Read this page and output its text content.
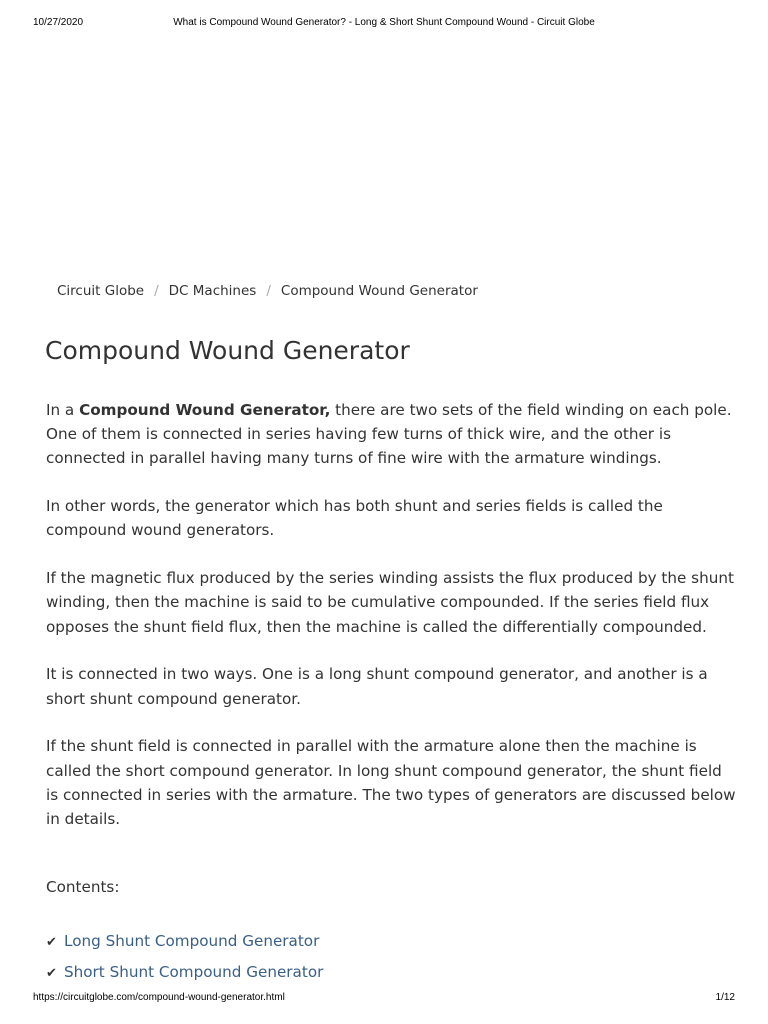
10/27/2020	What is Compound Wound Generator? - Long & Short Shunt Compound Wound - Circuit Globe
Circuit Globe / DC Machines / Compound Wound Generator
Compound Wound Generator

In a Compound Wound Generator, there are two sets of the field winding on each pole. One of them is connected in series having few turns of thick wire, and the other is connected in parallel having many turns of fine wire with the armature windings.

In other words, the generator which has both shunt and series fields is called the compound wound generators.

If the magnetic flux produced by the series winding assists the flux produced by the shunt winding, then the machine is said to be cumulative compounded. If the series field flux opposes the shunt field flux, then the machine is called the differentially compounded.

It is connected in two ways. One is a long shunt compound generator, and another is a short shunt compound generator.

If the shunt field is connected in parallel with the armature alone then the machine is called the short compound generator. In long shunt compound generator, the shunt field is connected in series with the armature. The two types of generators are discussed below in details.

Contents:
✔ Long Shunt Compound Generator
✔ Short Shunt Compound Generator
https://circuitglobe.com/compound-wound-generator.html	1/12
